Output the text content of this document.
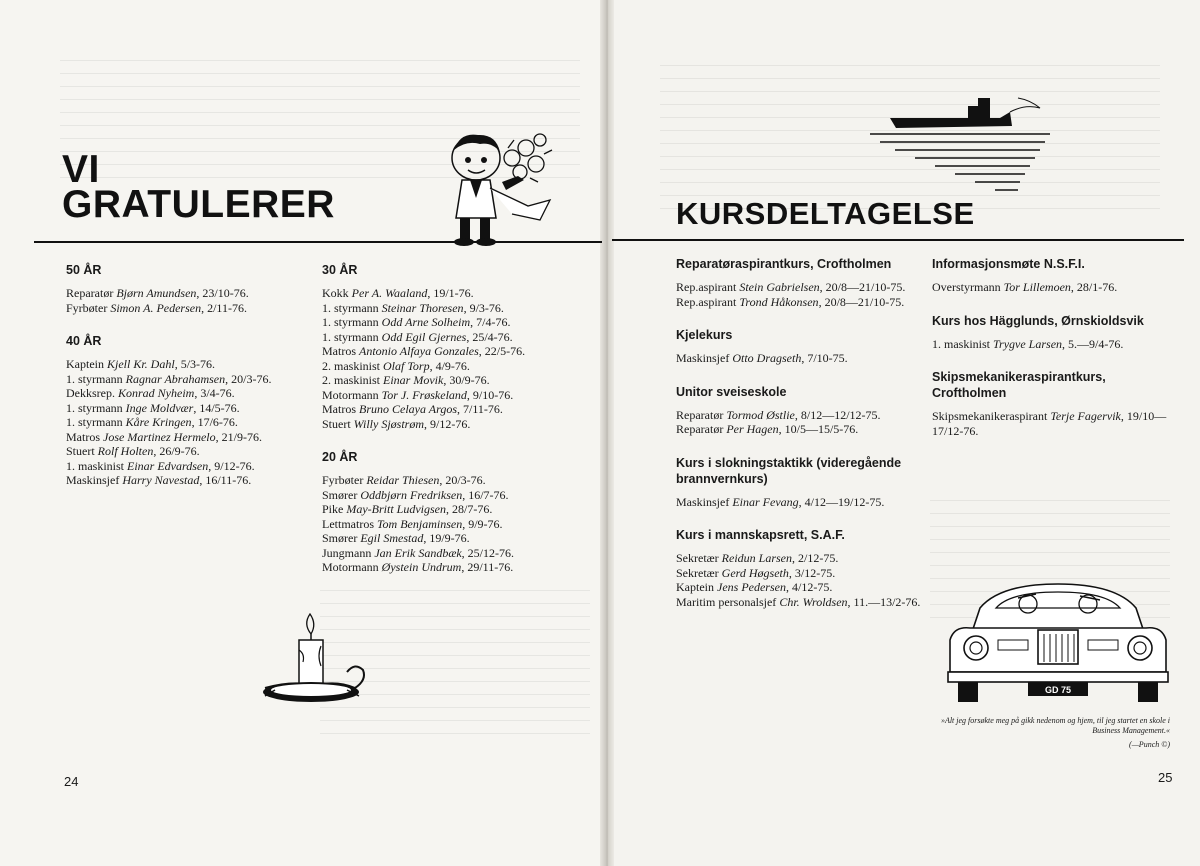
VI
GRATULERER
50 ÅR
Reparatør Bjørn Amundsen, 23/10-76.
Fyrbøter Simon A. Pedersen, 2/11-76.
40 ÅR
Kaptein Kjell Kr. Dahl, 5/3-76.
1. styrmann Ragnar Abrahamsen, 20/3-76.
Dekksrep. Konrad Nyheim, 3/4-76.
1. styrmann Inge Moldvær, 14/5-76.
1. styrmann Kåre Kringen, 17/6-76.
Matros Jose Martinez Hermelo, 21/9-76.
Stuert Rolf Holten, 26/9-76.
1. maskinist Einar Edvardsen, 9/12-76.
Maskinsjef Harry Navestad, 16/11-76.
30 ÅR
Kokk Per A. Waaland, 19/1-76.
1. styrmann Steinar Thoresen, 9/3-76.
1. styrmann Odd Arne Solheim, 7/4-76.
1. styrmann Odd Egil Gjernes, 25/4-76.
Matros Antonio Alfaya Gonzales, 22/5-76.
2. maskinist Olaf Torp, 4/9-76.
2. maskinist Einar Movik, 30/9-76.
Motormann Tor J. Frøskeland, 9/10-76.
Matros Bruno Celaya Argos, 7/11-76.
Stuert Willy Sjøstrøm, 9/12-76.
20 ÅR
Fyrbøter Reidar Thiesen, 20/3-76.
Smører Oddbjørn Fredriksen, 16/7-76.
Pike May-Britt Ludvigsen, 28/7-76.
Lettmatros Tom Benjaminsen, 9/9-76.
Smører Egil Smestad, 19/9-76.
Jungmann Jan Erik Sandbæk, 25/12-76.
Motormann Øystein Undrum, 29/11-76.
24
KURSDELTAGELSE
Reparatøraspirantkurs, Croftholmen
Rep.aspirant Stein Gabrielsen, 20/8—21/10-75.
Rep.aspirant Trond Håkonsen, 20/8—21/10-75.
Kjelekurs
Maskinsjef Otto Dragseth, 7/10-75.
Unitor sveiseskole
Reparatør Tormod Østlie, 8/12—12/12-75.
Reparatør Per Hagen, 10/5—15/5-76.
Kurs i slokningstaktikk (videregående brannvernkurs)
Maskinsjef Einar Fevang, 4/12—19/12-75.
Kurs i mannskapsrett, S.A.F.
Sekretær Reidun Larsen, 2/12-75.
Sekretær Gerd Høgseth, 3/12-75.
Kaptein Jens Pedersen, 4/12-75.
Maritim personalsjef Chr. Wroldsen, 11.—13/2-76.
Informasjonsmøte N.S.F.I.
Overstyrmann Tor Lillemoen, 28/1-76.
Kurs hos Hägglunds, Ørnskioldsvik
1. maskinist Trygve Larsen, 5.—9/4-76.
Skipsmekanikeraspirantkurs, Croftholmen
Skipsmekanikeraspirant Terje Fagervik, 19/10—17/12-76.
GD 75
»Alt jeg forsøkte meg på gikk nedenom og hjem, til jeg startet en skole i Business Management.«
(—Punch ©)
25
